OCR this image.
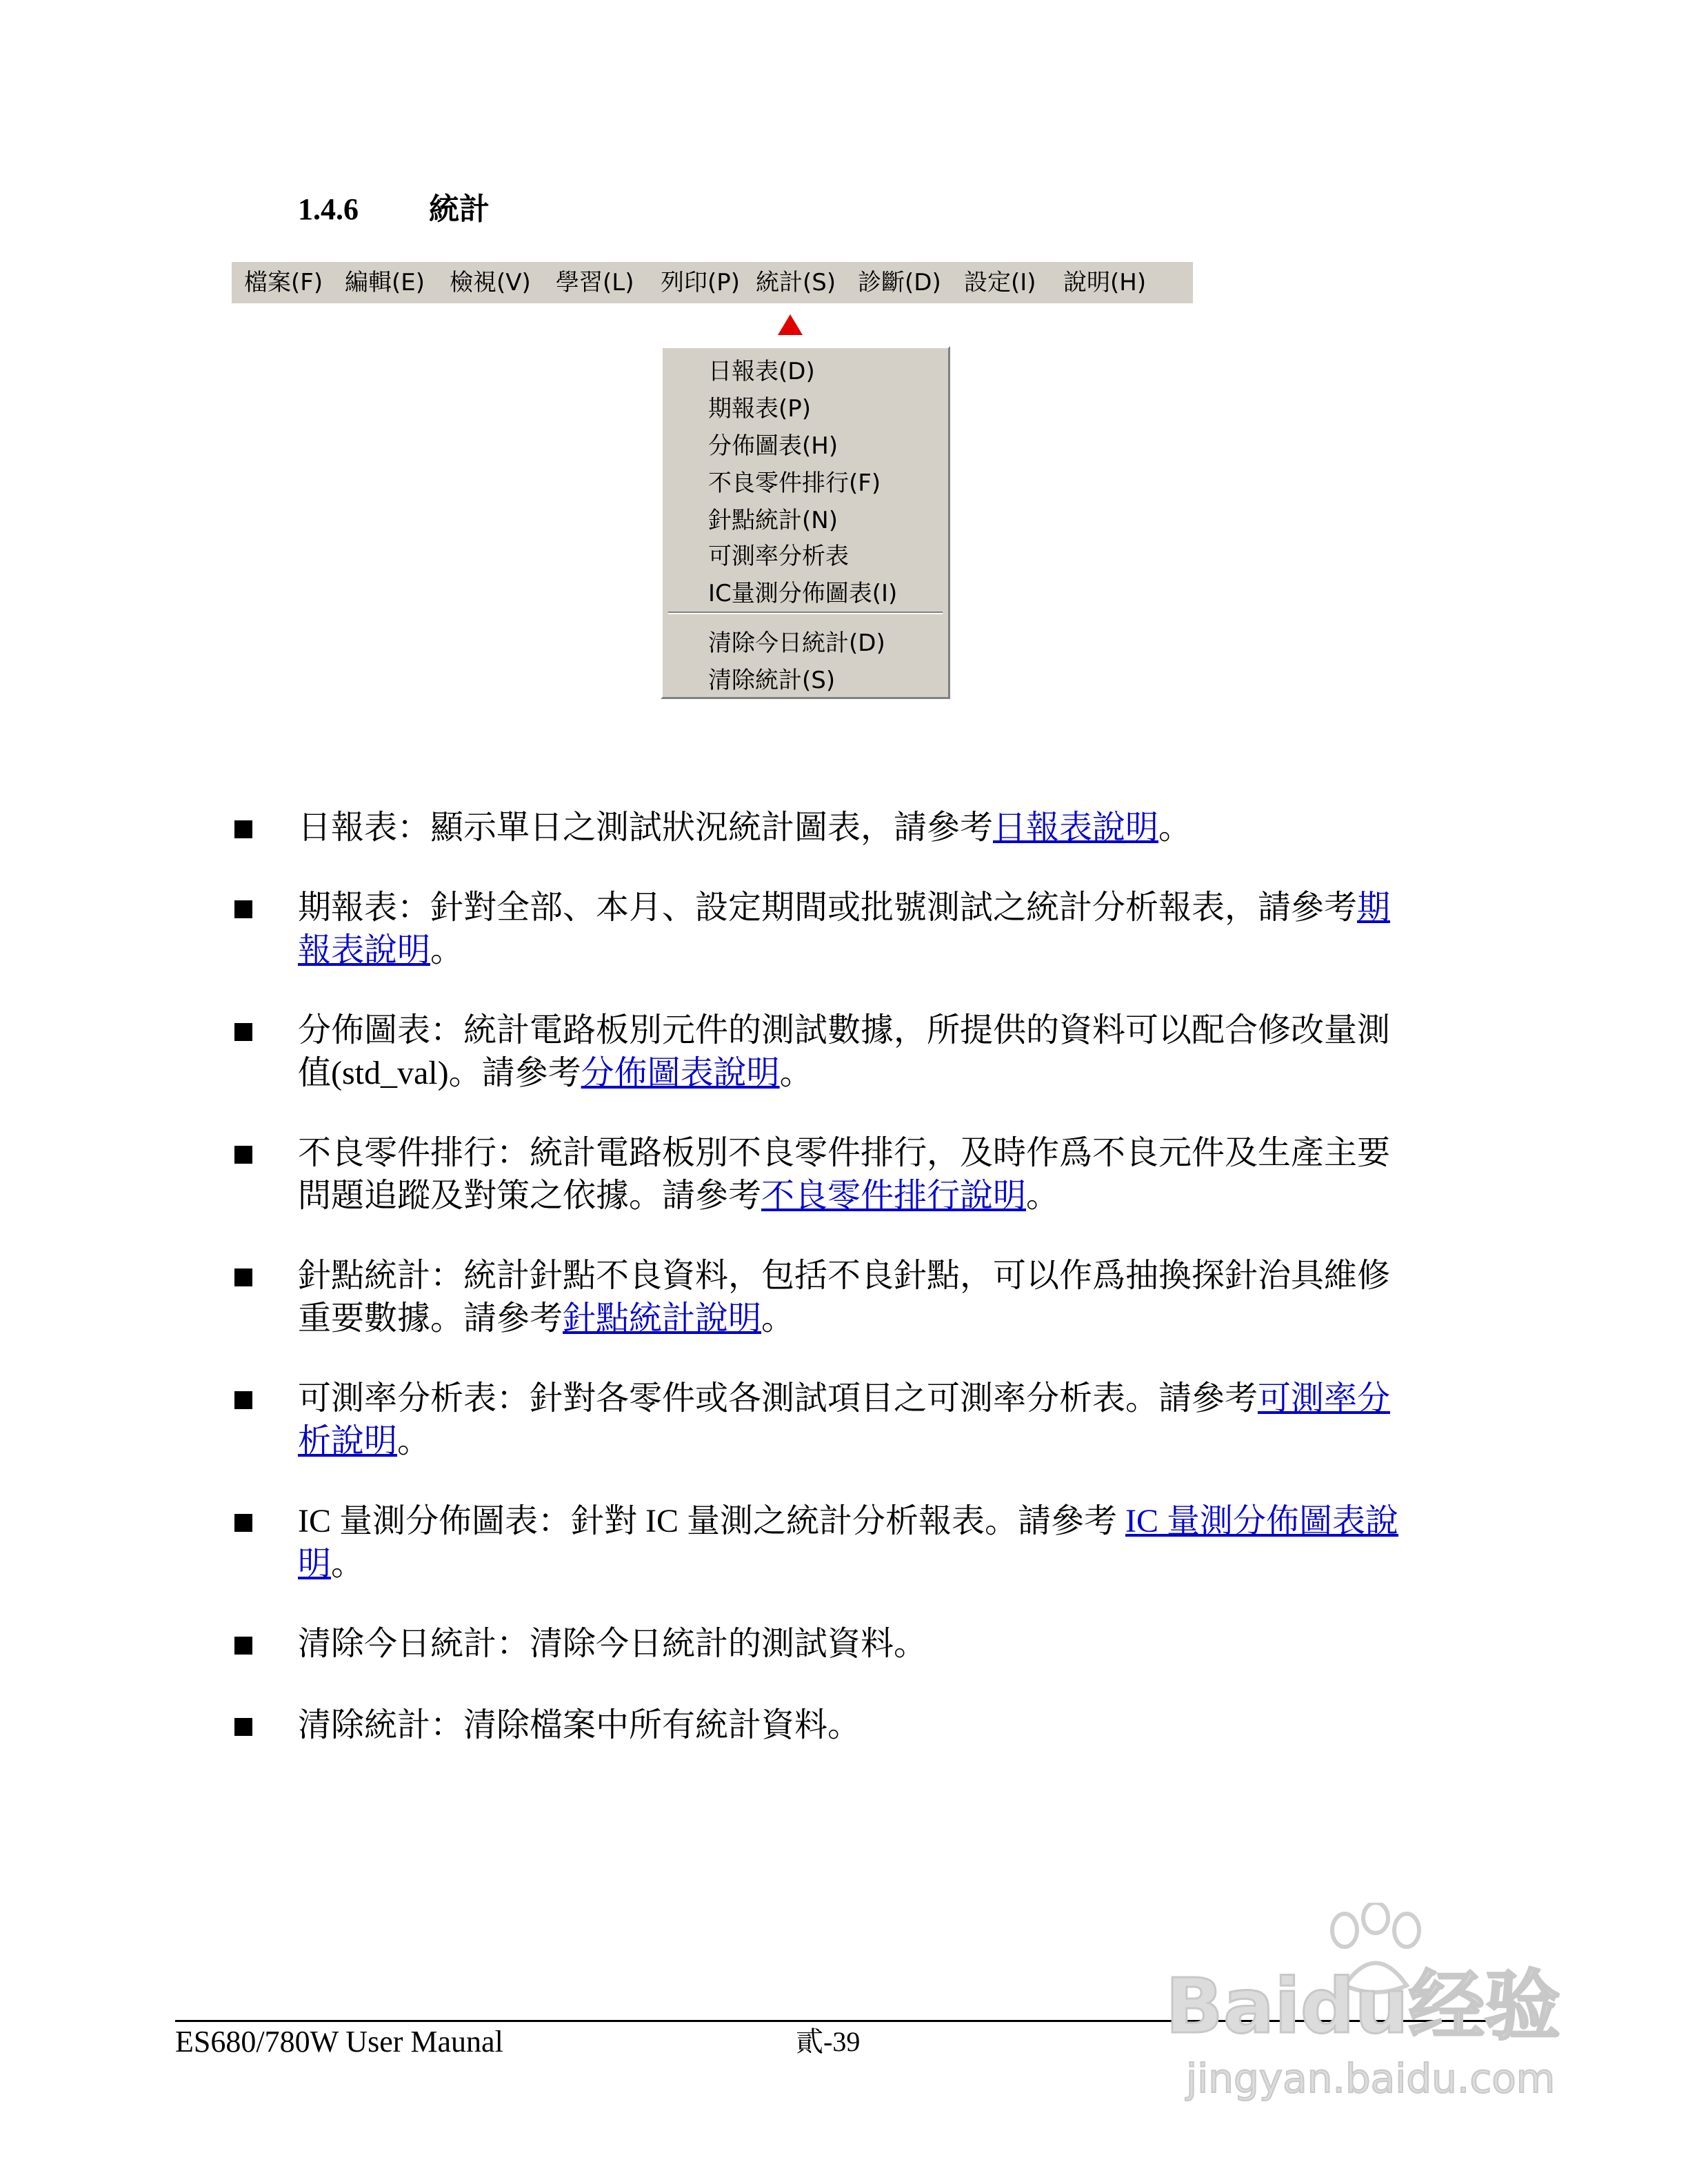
1.4.6 統計
檔案(F) 編輯(E) 檢視(V) 學習(L) 列印(P) 統計(S) 診斷(D) 設定(I) 說明(H)
日報表(D)
期報表(P)
分佈圖表(H)
不良零件排行(F)
針點統計(N)
可測率分析表
IC量測分佈圖表(I)
清除今日統計(D)
清除統計(S)
日報表：顯示單日之測試狀況統計圖表，請參考日報表說明。
期報表：針對全部、本月、設定期間或批號測試之統計分析報表，請參考期報表說明。
分佈圖表：統計電路板別元件的測試數據，所提供的資料可以配合修改量測值(std_val)。請參考分佈圖表說明。
不良零件排行：統計電路板別不良零件排行，及時作爲不良元件及生產主要問題追蹤及對策之依據。請參考不良零件排行說明。
針點統計：統計針點不良資料，包括不良針點，可以作爲抽換探針治具維修重要數據。請參考針點統計說明。
可測率分析表：針對各零件或各測試項目之可測率分析表。請參考可測率分析說明。
IC 量測分佈圖表：針對 IC 量測之統計分析報表。請參考 IC 量測分佈圖表說明。
清除今日統計：清除今日統計的測試資料。
清除統計：清除檔案中所有統計資料。
ES680/780W User Maunal	貳-39	Baidu经验
jingyan.baidu.com
